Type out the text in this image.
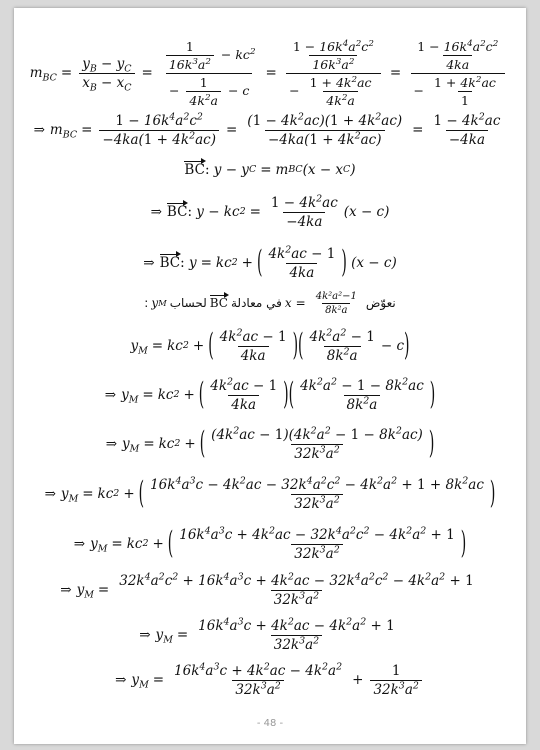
$m_{BC} = \frac{y_B - y_C}{x_B - x_C} = \frac{\frac{1}{16k^3a^2} - kc^2}{- \frac{1}{4k^2a} - c} = \frac{\frac{1 - 16k^4a^2c^2}{16k^3a^2}}{- \frac{1 + 4k^2ac}{4k^2a}} = \frac{\frac{1 - 16k^4a^2c^2}{4ka}}{- \frac{1 + 4k^2ac}{1}}$
⇒ $m_{BC} = \frac{1 - 16k^4a^2c^2}{-4ka(1 + 4k^2ac)} = \frac{(1 - 4k^2ac)(1 + 4k^2ac)}{-4ka(1 + 4k^2ac)} = \frac{1 - 4k^2ac}{-4ka}$
BC : y − y C = m BC (x − x C )
⇒ BC : y − kc $2 = \frac{1 - 4k^2ac}{-4ka} (x - c)$
⇒ BC : y = kc 2 + ( $\frac{4k^2ac - 1}{4ka}$ ) (x − c)
نعوّض
$x = \frac{\text{4k²a²−1}}{\text{8k²a}}$
في معادلة
BC
لحساب
y M
:
$y_M$ = kc 2 + ( $\frac{4k^2ac - 1}{4ka}$ ) ( $\frac{4k^2a^2 - 1}{8k^2a} - c$ )
⇒ $y_M$ = kc 2 + ( $\frac{4k^2ac - 1}{4ka}$ ) ( $\frac{4k^2a^2 - 1 - 8k^2ac}{8k^2a}$ )
⇒ $y_M$ = kc 2 + ( $\frac{(4k^2ac - 1)(4k^2a^2 - 1 - 8k^2ac)}{32k^3a^2}$ )
⇒ $y_M$ = kc 2 + ( $\frac{16k^4a^3c - 4k^2ac - 32k^4a^2c^2 - 4k^2a^2 + 1 + 8k^2ac}{32k^3a^2}$ )
⇒ $y_M$ = kc 2 + ( $\frac{16k^4a^3c + 4k^2ac - 32k^4a^2c^2 - 4k^2a^2 + 1}{32k^3a^2}$ )
⇒ $y_M = \frac{32k^4a^2c^2 + 16k^4a^3c + 4k^2ac - 32k^4a^2c^2 - 4k^2a^2 + 1}{32k^3a^2}$
⇒ $y_M = \frac{16k^4a^3c + 4k^2ac - 4k^2a^2 + 1}{32k^3a^2}$
⇒ $y_M = \frac{16k^4a^3c + 4k^2ac - 4k^2a^2}{32k^3a^2} + \frac{1}{32k^3a^2}$
- 48 -
